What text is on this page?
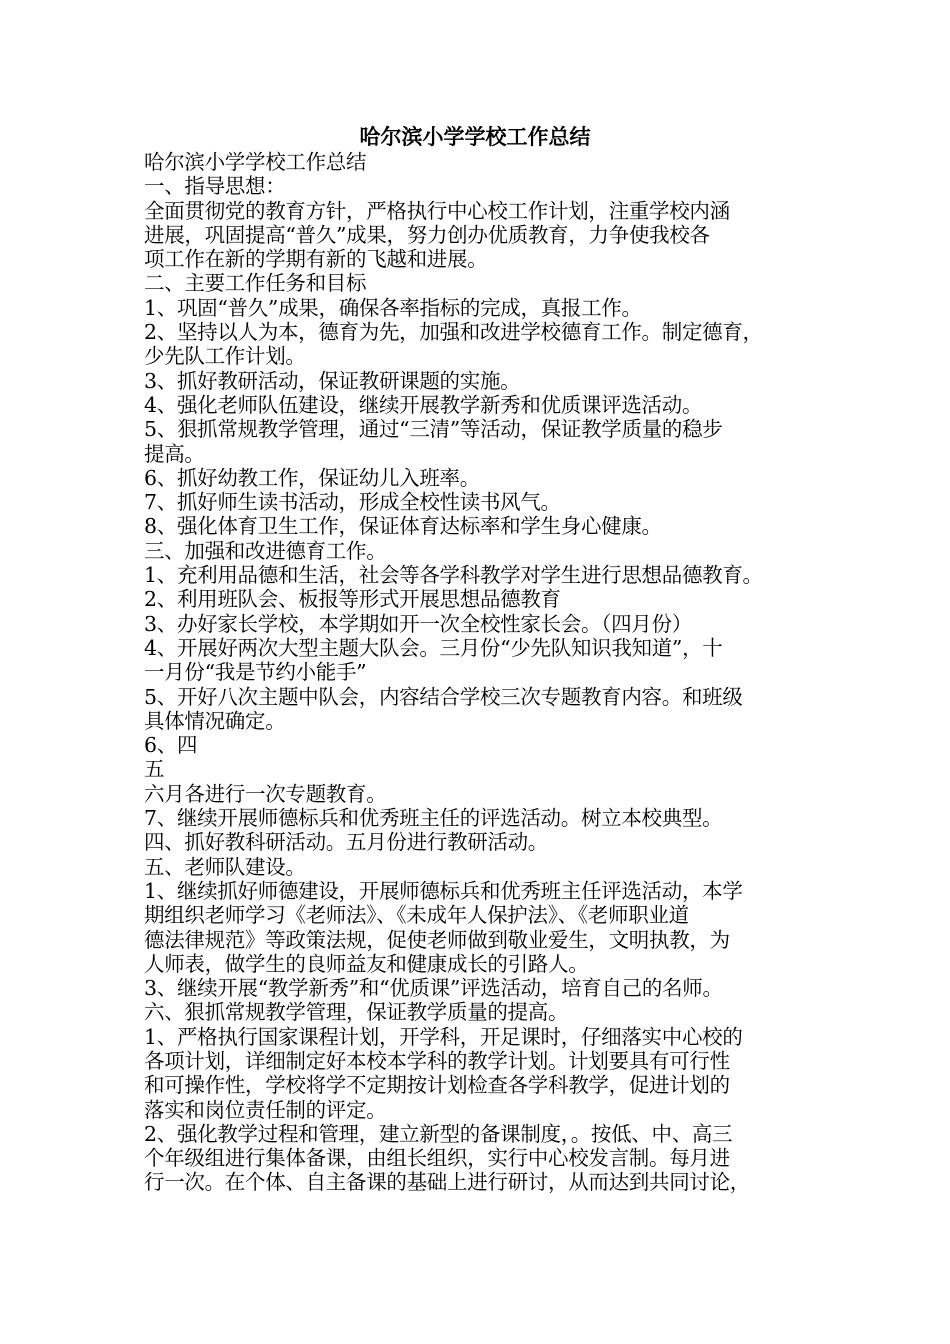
哈尔滨小学学校工作总结
哈尔滨小学学校工作总结
一、指导思想：
全面贯彻党的教育方针，严格执行中心校工作计划，注重学校内涵
进展，巩固提高“普久”成果，努力创办优质教育，力争使我校各
项工作在新的学期有新的飞越和进展。
二、主要工作任务和目标
1、巩固“普久”成果，确保各率指标的完成，真报工作。
2、坚持以人为本，德育为先，加强和改进学校德育工作。制定德育，
少先队工作计划。
3、抓好教研活动，保证教研课题的实施。
4、强化老师队伍建设，继续开展教学新秀和优质课评选活动。
5、狠抓常规教学管理，通过“三清”等活动，保证教学质量的稳步
提高。
6、抓好幼教工作，保证幼儿入班率。
7、抓好师生读书活动，形成全校性读书风气。
8、强化体育卫生工作，保证体育达标率和学生身心健康。
三、加强和改进德育工作。
1、充利用品德和生活，社会等各学科教学对学生进行思想品德教育。
2、利用班队会、板报等形式开展思想品德教育
3、办好家长学校，本学期如开一次全校性家长会。（四月份）
4、开展好两次大型主题大队会。三月份“少先队知识我知道”，十
一月份“我是节约小能手”
5、开好八次主题中队会，内容结合学校三次专题教育内容。和班级
具体情况确定。
6、四
五
六月各进行一次专题教育。
7、继续开展师德标兵和优秀班主任的评选活动。树立本校典型。
四、抓好教科研活动。五月份进行教研活动。
五、老师队建设。
1、继续抓好师德建设，开展师德标兵和优秀班主任评选活动，本学
期组织老师学习《老师法》、《未成年人保护法》、《老师职业道
德法律规范》等政策法规，促使老师做到敬业爱生，文明执教，为
人师表，做学生的良师益友和健康成长的引路人。
3、继续开展“教学新秀”和“优质课”评选活动，培育自己的名师。
六、狠抓常规教学管理，保证教学质量的提高。
1、严格执行国家课程计划，开学科，开足课时，仔细落实中心校的
各项计划，详细制定好本校本学科的教学计划。计划要具有可行性
和可操作性，学校将学不定期按计划检查各学科教学，促进计划的
落实和岗位责任制的评定。
2、强化教学过程和管理，建立新型的备课制度，。按低、中、高三
个年级组进行集体备课，由组长组织，实行中心校发言制。每月进
行一次。在个体、自主备课的基础上进行研讨，从而达到共同讨论，
